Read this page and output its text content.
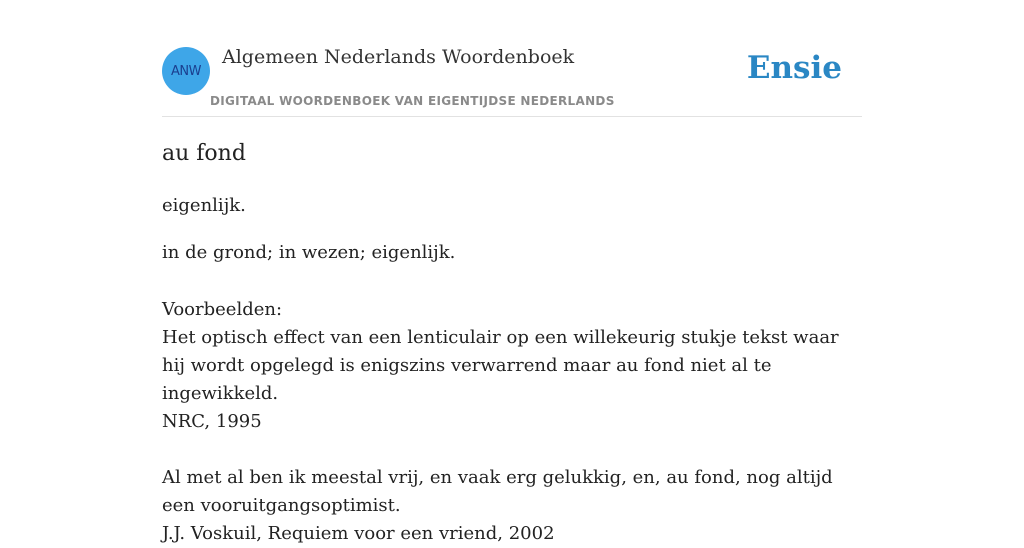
ANW
Algemeen Nederlands Woordenboek
DIGITAAL WOORDENBOEK VAN EIGENTIJDSE NEDERLANDS
Ensie
au fond
eigenlijk.
in de grond; in wezen; eigenlijk.
Voorbeelden:
Het optisch effect van een lenticulair op een willekeurig stukje tekst waar hij wordt opgelegd is enigszins verwarrend maar au fond niet al te ingewikkeld.
NRC, 1995
Al met al ben ik meestal vrij, en vaak erg gelukkig, en, au fond, nog altijd een vooruitgangsoptimist.
J.J. Voskuil, Requiem voor een vriend, 2002
